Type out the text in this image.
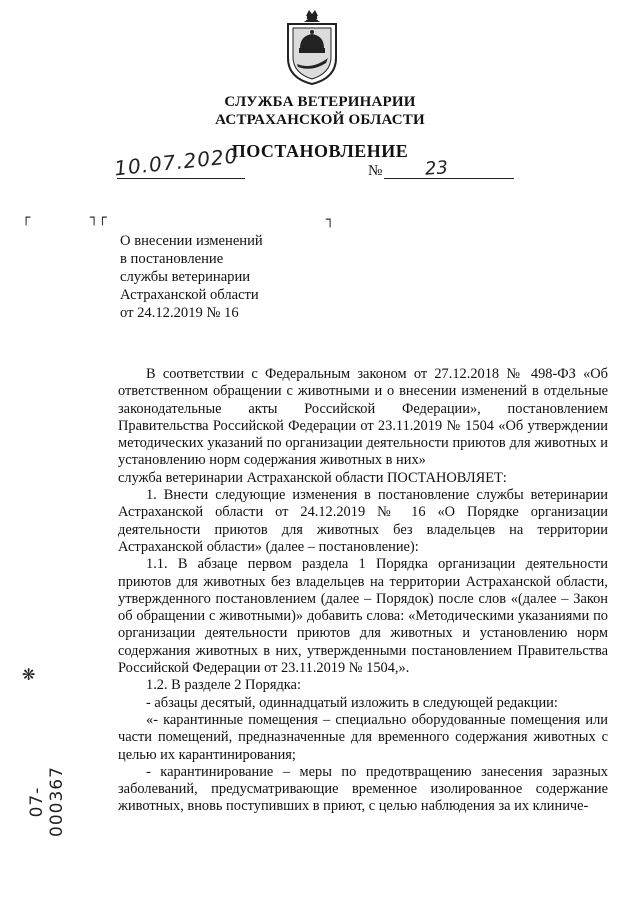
СЛУЖБА ВЕТЕРИНАРИИ
АСТРАХАНСКОЙ ОБЛАСТИ
ПОСТАНОВЛЕНИЕ
10.07.2020	№ 23
┌	┐┌	┐
О внесении изменений
в постановление
службы ветеринарии
Астраханской области
от 24.12.2019 № 16

В соответствии с Федеральным законом от 27.12.2018 № 498-ФЗ «Об ответственном обращении с животными и о внесении изменений в отдельные законодательные акты Российской Федерации», постановлением Правительства Российской Федерации от 23.11.2019 № 1504 «Об утверждении методических указаний по организации деятельности приютов для животных и установлению норм содержания животных в них»

служба ветеринарии Астраханской области ПОСТАНОВЛЯЕТ:

1. Внести следующие изменения в постановление службы ветеринарии Астраханской области от 24.12.2019 № 16 «О Порядке организации деятельности приютов для животных без владельцев на территории Астраханской области» (далее – постановление):

1.1. В абзаце первом раздела 1 Порядка организации деятельности приютов для животных без владельцев на территории Астраханской области, утвержденного постановлением (далее – Порядок) после слов «(далее – Закон об обращении с животными)» добавить слова: «Методическими указаниями по организации деятельности приютов для животных и установлению норм содержания животных в них, утвержденными постановлением Правительства Российской Федерации от 23.11.2019 № 1504,».

1.2. В разделе 2 Порядка:

- абзацы десятый, одиннадцатый изложить в следующей редакции:

«- карантинные помещения – специально оборудованные помещения или части помещений, предназначенные для временного содержания животных с целью их карантинирования;

- карантинирование – меры по предотвращению занесения заразных заболеваний, предусматривающие временное изолированное содержание животных, вновь поступивших в приют, с целью наблюдения за их клиниче-

❋
07-000367
